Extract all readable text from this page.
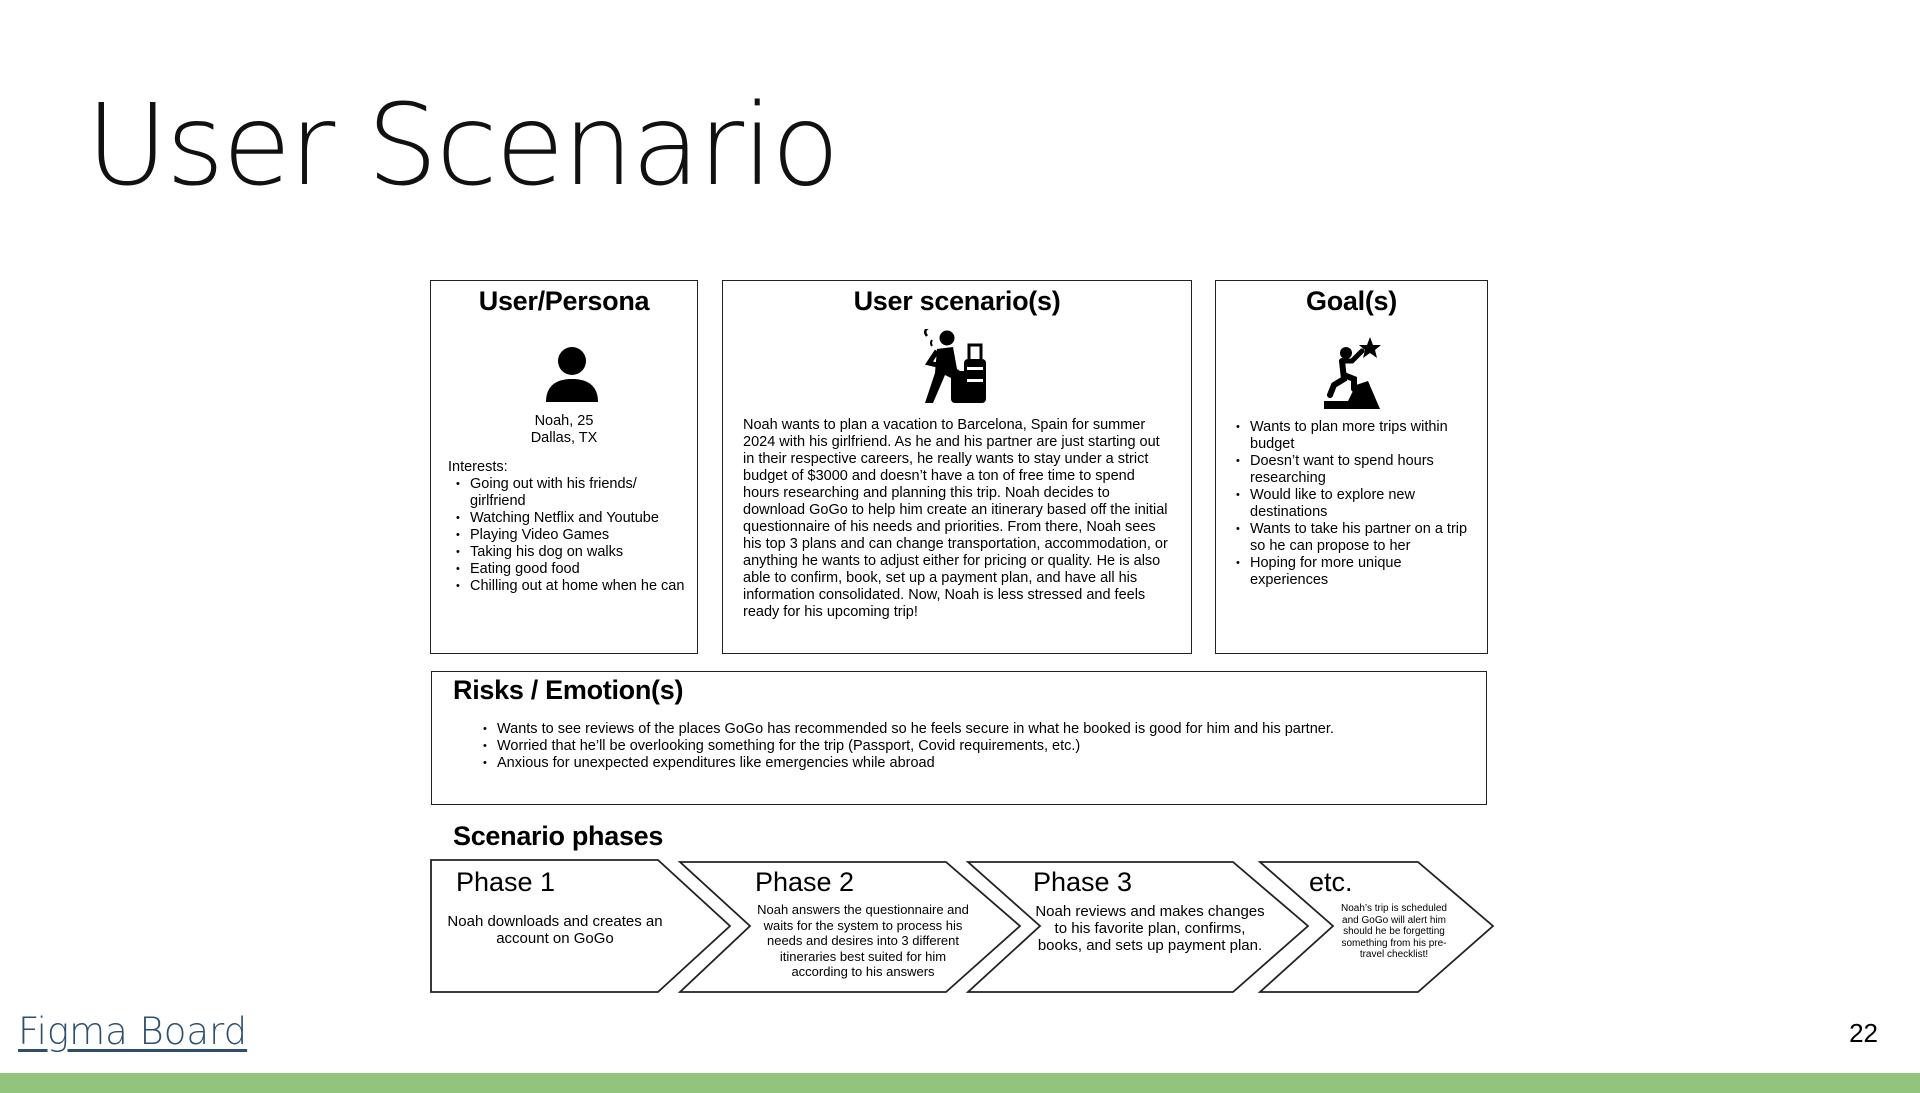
User Scenario
User/Persona
Noah, 25
Dallas, TX
Interests:
• Going out with his friends/ girlfriend
• Watching Netflix and Youtube
• Playing Video Games
• Taking his dog on walks
• Eating good food
• Chilling out at home when he can
User scenario(s)
Noah wants to plan a vacation to Barcelona, Spain for summer 2024 with his girlfriend. As he and his partner are just starting out in their respective careers, he really wants to stay under a strict budget of $3000 and doesn’t have a ton of free time to spend hours researching and planning this trip. Noah decides to download GoGo to help him create an itinerary based off the initial questionnaire of his needs and priorities. From there, Noah sees his top 3 plans and can change transportation, accommodation, or anything he wants to adjust either for pricing or quality. He is also able to confirm, book, set up a payment plan, and have all his information consolidated. Now, Noah is less stressed and feels ready for his upcoming trip!
Goal(s)
• Wants to plan more trips within budget
• Doesn’t want to spend hours researching
• Would like to explore new destinations
• Wants to take his partner on a trip so he can propose to her
• Hoping for more unique experiences
Risks / Emotion(s)
• Wants to see reviews of the places GoGo has recommended so he feels secure in what he booked is good for him and his partner.
• Worried that he’ll be overlooking something for the trip (Passport, Covid requirements, etc.)
• Anxious for unexpected expenditures like emergencies while abroad
Scenario phases
Phase 1
Noah downloads and creates an account on GoGo
Phase 2
Noah answers the questionnaire and waits for the system to process his needs and desires into 3 different itineraries best suited for him according to his answers
Phase 3
Noah reviews and makes changes to his favorite plan, confirms, books, and sets up payment plan.
etc.
Noah’s trip is scheduled and GoGo will alert him should he be forgetting something from his pre-travel checklist!
Figma Board	22
